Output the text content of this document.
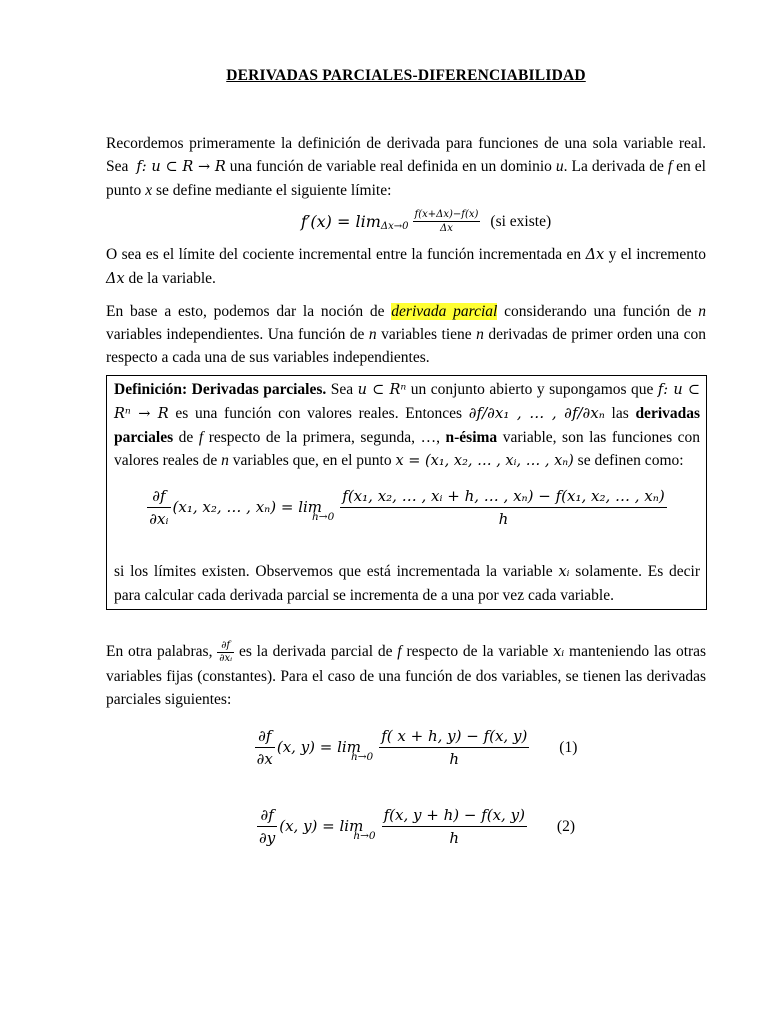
DERIVADAS PARCIALES-DIFERENCIABILIDAD

Recordemos primeramente la definición de derivada para funciones de una sola variable real. Sea f: u ⊂ R → R una función de variable real definida en un dominio u. La derivada de f en el punto x se define mediante el siguiente límite:

f′(x) = lim Δx→0
f(x+Δx)−f(x)
Δx	(si existe)

O sea es el límite del cociente incremental entre la función incrementada en Δx y el incremento Δx de la variable.

En base a esto, podemos dar la noción de derivada parcial considerando una función de n variables independientes. Una función de n variables tiene n derivadas de primer orden una con respecto a cada una de sus variables independientes.

Definición: Derivadas parciales. Sea u ⊂ Rⁿ un conjunto abierto y supongamos que f: u ⊂ Rⁿ → R es una función con valores reales. Entonces ∂f/∂x₁ , … , ∂f/∂xₙ las derivadas parciales de f respecto de la primera, segunda, …, n-ésima variable, son las funciones con valores reales de n variables que, en el punto x = (x₁, x₂, … , xᵢ, … , xₙ) se definen como:

$\frac{\partial f}{\text{∂xᵢ}} (x_1$, x₂, … , xₙ) = lim
$h\to 0 \frac{\text{f(x₁, x₂, … , xᵢ + h, … , xₙ) − f(x₁, x₂, … , xₙ)}}{h}$

si los límites existen. Observemos que está incrementada la variable xᵢ solamente. Es decir para calcular cada derivada parcial se incrementa de a una por vez cada variable.

En otra palabras, $\frac{\partial f}{\text{∂xᵢ}}$ es la derivada parcial de f respecto de la variable xᵢ manteniendo las otras variables fijas (constantes). Para el caso de una función de dos variables, se tienen las derivadas parciales siguientes:

$\frac{\partial f}{\partial x} (x$, y) = lim
$h\to 0 \frac{f( x + h, y) - f(x, y)}{h} (1)$
$\frac{\partial f}{\partial y} (x$, y) = lim
$h\to 0 \frac{f(x, y + h) - f(x, y)}{h} (2)$
